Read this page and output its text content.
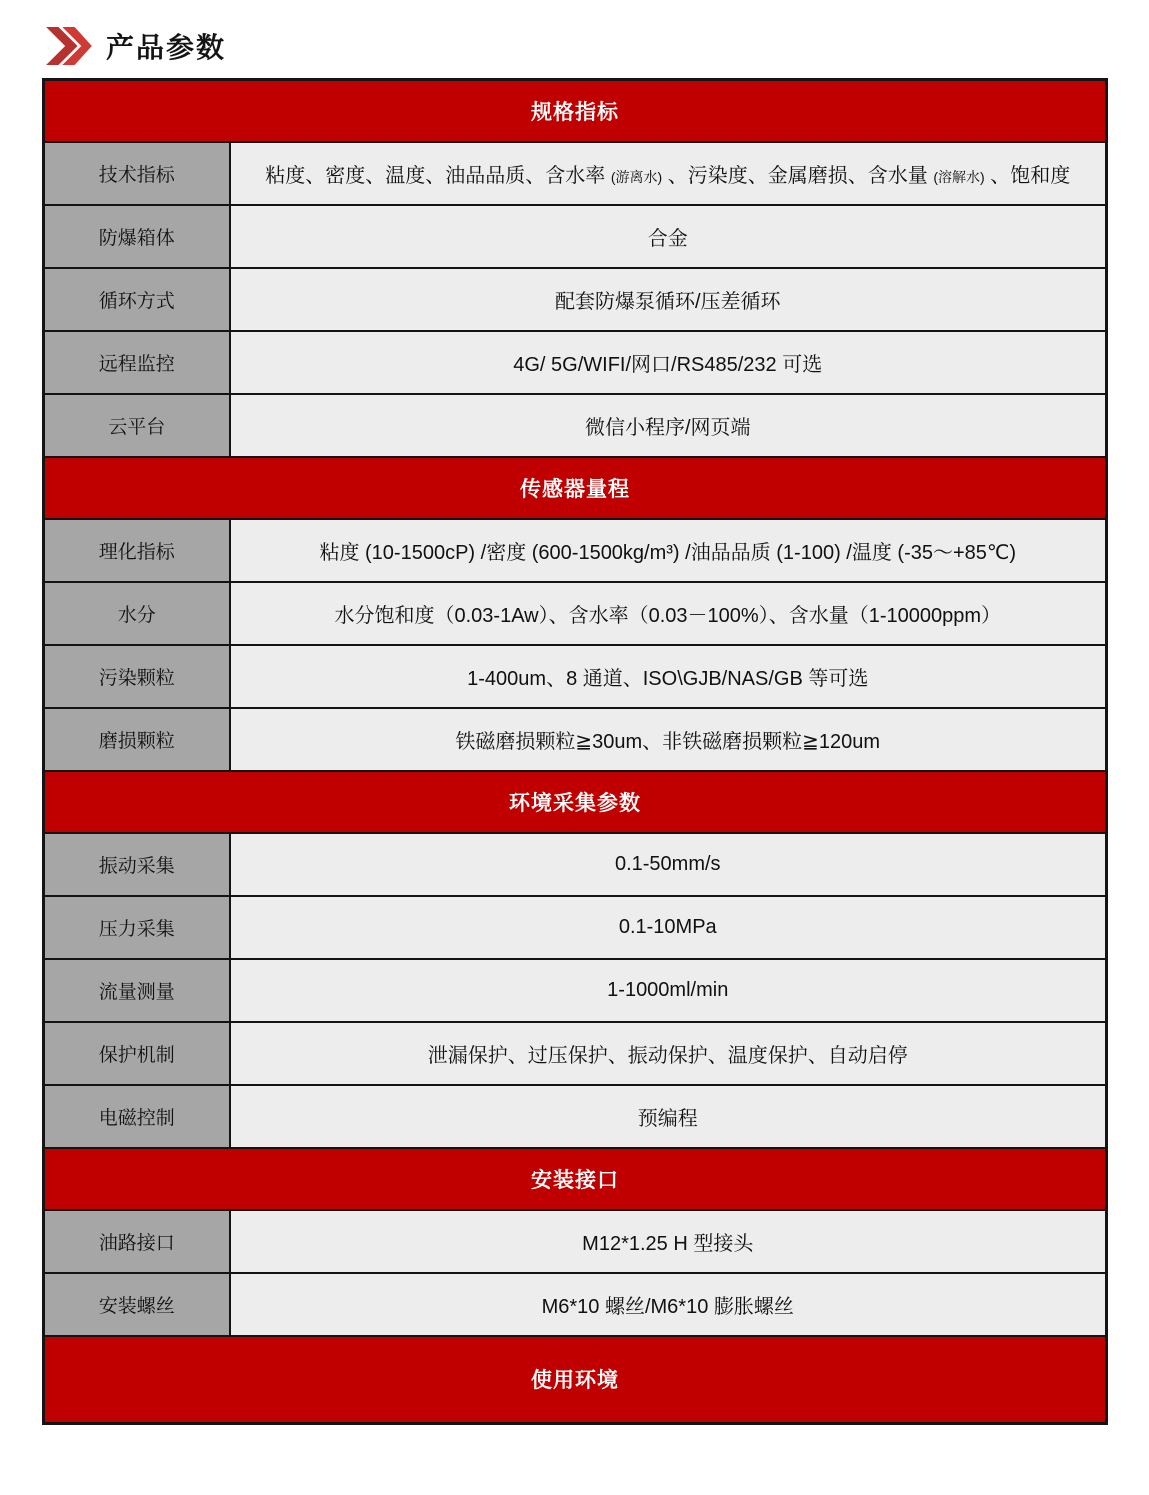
产品参数
规格指标	
技术指标	粘度、密度、温度、油品品质、含水率 (游离水) 、污染度、金属磨损、含水量 (溶解水) 、饱和度
防爆箱体	合金
循环方式	配套防爆泵循环/压差循环
远程监控	4G/ 5G/WIFI/网口/RS485/232 可选
云平台	微信小程序/网页端
传感器量程	
理化指标	粘度 (10-1500cP) /密度 (600-1500kg/m³) /油品品质 (1-100) /温度 (-35～+85℃)
水分	水分饱和度（0.03-1Aw）、含水率（0.03－100%）、含水量（1-10000ppm）
污染颗粒	1-400um、8 通道、ISO\GJB/NAS/GB 等可选
磨损颗粒	铁磁磨损颗粒≧30um、非铁磁磨损颗粒≧120um
环境采集参数	
振动采集	0.1-50mm/s
压力采集	0.1-10MPa
流量测量	1-1000ml/min
保护机制	泄漏保护、过压保护、振动保护、温度保护、自动启停
电磁控制	预编程
安装接口	
油路接口	M12*1.25 H 型接头
安装螺丝	M6*10 螺丝/M6*10 膨胀螺丝
使用环境	
